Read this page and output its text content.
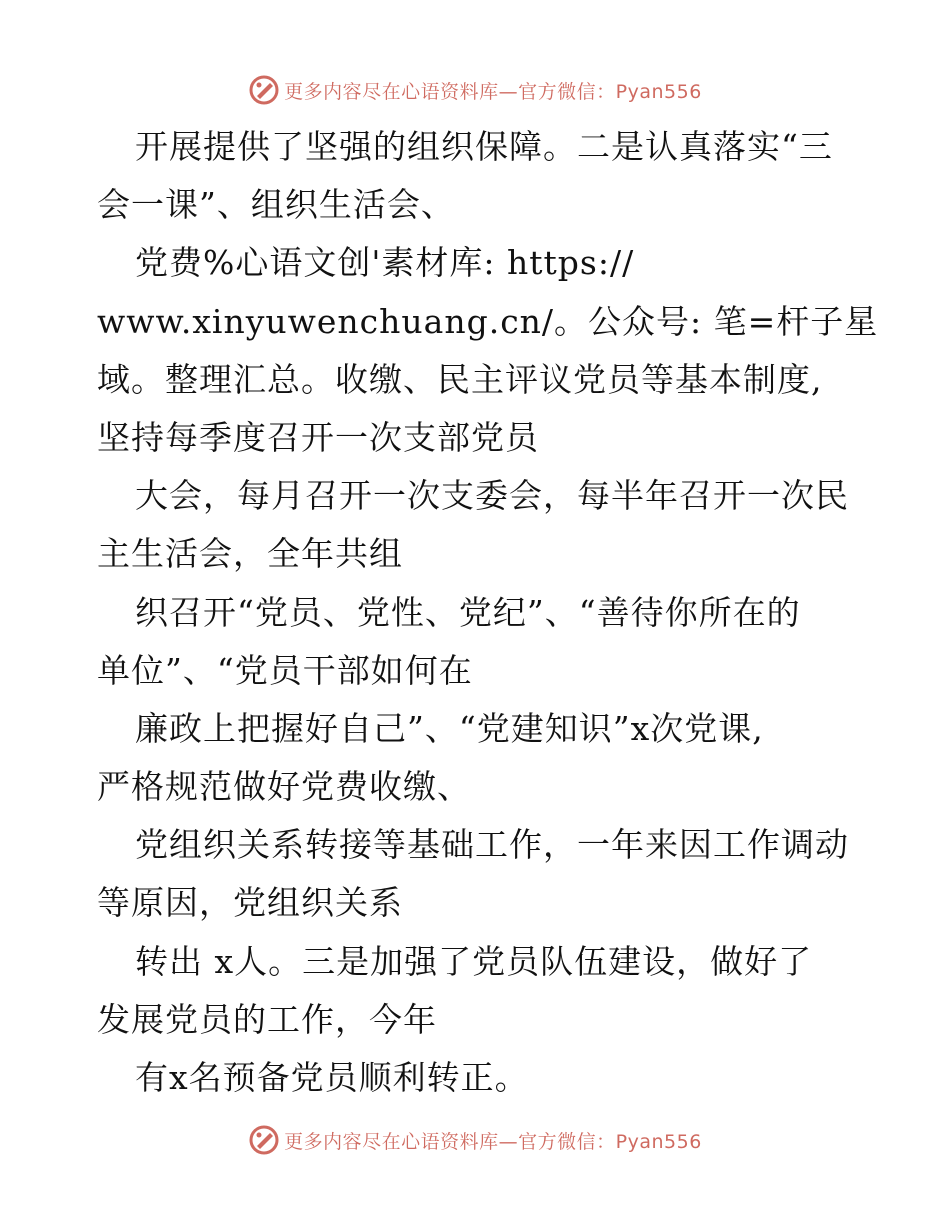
更多内容尽在心语资料库—官方微信：Pyan556
开展提供了坚强的组织保障。二是认真落实“三
会一课”、组织生活会、
党费%心语文创'素材库: https://
www.xinyuwenchuang.cn/。公众号: 笔=杆子星
域。整理汇总。收缴、民主评议党员等基本制度,
坚持每季度召开一次支部党员
大会，每月召开一次支委会，每半年召开一次民
主生活会，全年共组
织召开“党员、党性、党纪”、“善待你所在的
单位”、“党员干部如何在
廉政上把握好自己”、“党建知识”x次党课,
严格规范做好党费收缴、
党组织关系转接等基础工作，一年来因工作调动
等原因，党组织关系
转出 x人。三是加强了党员队伍建设，做好了
发展党员的工作，今年
有x名预备党员顺利转正。
更多内容尽在心语资料库—官方微信：Pyan556
